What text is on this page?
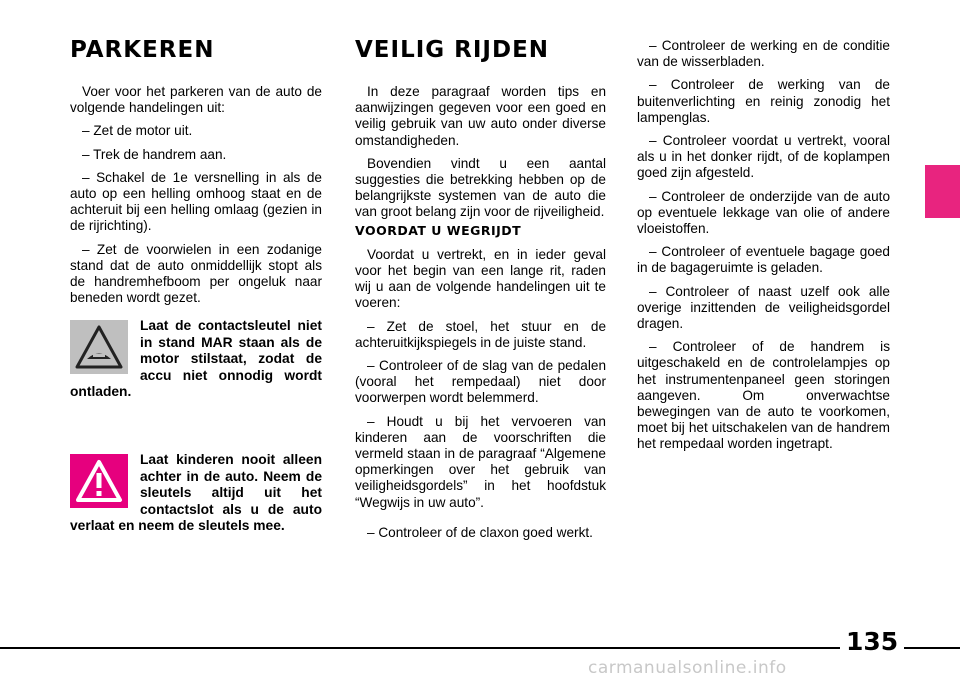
PARKEREN

Voer voor het parkeren van de auto de volgende handelingen uit:

– Zet de motor uit.

– Trek de handrem aan.

– Schakel de 1e versnelling in als de auto op een helling omhoog staat en de achteruit bij een helling omlaag (gezien in de rijrichting).

– Zet de voorwielen in een zodanige stand dat de auto onmiddellijk stopt als de handremhefboom per ongeluk naar beneden wordt gezet.

Laat de contactsleutel niet in stand MAR staan als de motor stilstaat, zodat de accu niet onnodig wordt ontladen.
Laat kinderen nooit alleen achter in de auto. Neem de sleutels altijd uit het contactslot als u de auto verlaat en neem de sleutels mee.
VEILIG RIJDEN

In deze paragraaf worden tips en aanwijzingen gegeven voor een goed en veilig gebruik van uw auto onder diverse omstandigheden.

Bovendien vindt u een aantal suggesties die betrekking hebben op de belangrijkste systemen van de auto die van groot belang zijn voor de rijveiligheid.

VOORDAT U WEGRIJDT

Voordat u vertrekt, en in ieder geval voor het begin van een lange rit, raden wij u aan de volgende handelingen uit te voeren:

– Zet de stoel, het stuur en de achteruitkijkspiegels in de juiste stand.

– Controleer of de slag van de pedalen (vooral het rempedaal) niet door voorwerpen wordt belemmerd.

– Houdt u bij het vervoeren van kinderen aan de voorschriften die vermeld staan in de paragraaf “Algemene opmerkingen over het gebruik van veiligheidsgordels” in het hoofdstuk “Wegwijs in uw auto”.

– Controleer of de claxon goed werkt.

– Controleer de werking en de conditie van de wisserbladen.

– Controleer de werking van de buitenverlichting en reinig zonodig het lampenglas.

– Controleer voordat u vertrekt, vooral als u in het donker rijdt, of de koplampen goed zijn afgesteld.

– Controleer de onderzijde van de auto op eventuele lekkage van olie of andere vloeistoffen.

– Controleer of eventuele bagage goed in de bagageruimte is geladen.

– Controleer of naast uzelf ook alle overige inzittenden de veiligheidsgordel dragen.

– Controleer of de handrem is uitgeschakeld en de controlelampjes op het instrumentenpaneel geen storingen aangeven. Om onverwachtse bewegingen van de auto te voorkomen, moet bij het uitschakelen van de handrem het rempedaal worden ingetrapt.

135
carmanualsonline.info
